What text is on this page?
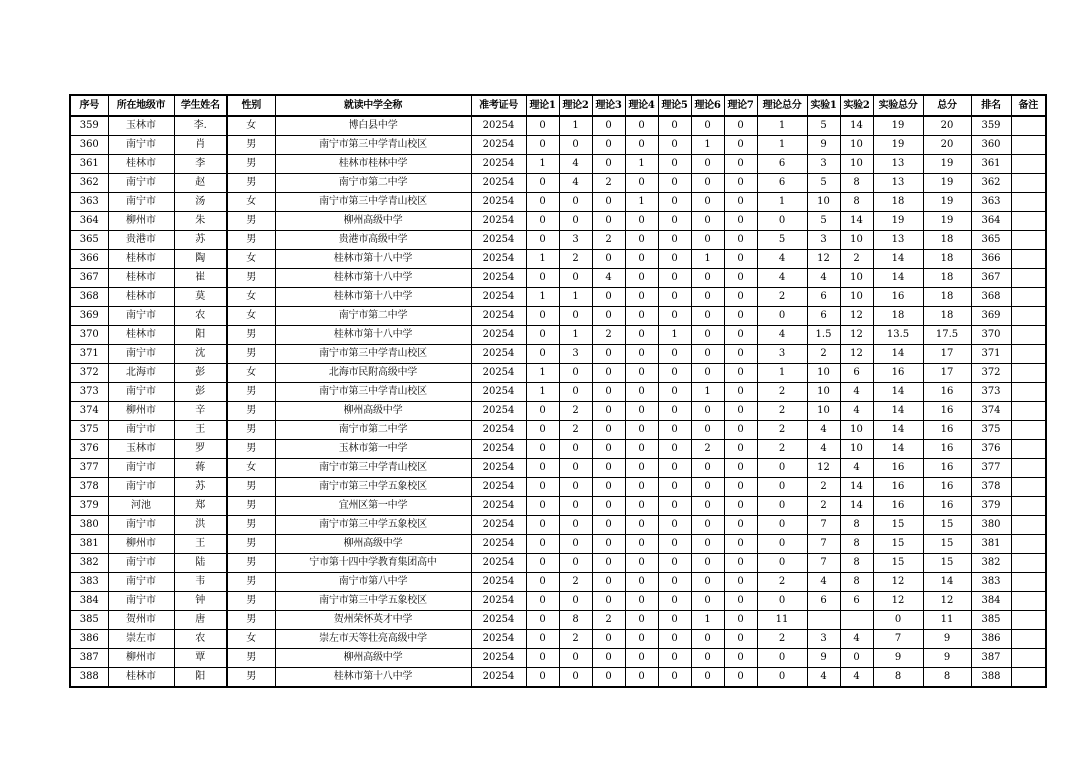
序号	所在地级市	学生姓名	性别	就读中学全称	准考证号	理论1	理论2	理论3	理论4	理论5	理论6	理论7	理论总分	实验1	实验2	实验总分	总分	排名	备注
359	玉林市	李.	女	博白县中学	20254	0	1	0	0	0	0	0	1	5	14	19	20	359	
360	南宁市	肖	男	南宁市第三中学青山校区	20254	0	0	0	0	0	1	0	1	9	10	19	20	360	
361	桂林市	李	男	桂林市桂林中学	20254	1	4	0	1	0	0	0	6	3	10	13	19	361	
362	南宁市	赵	男	南宁市第二中学	20254	0	4	2	0	0	0	0	6	5	8	13	19	362	
363	南宁市	汤	女	南宁市第三中学青山校区	20254	0	0	0	1	0	0	0	1	10	8	18	19	363	
364	柳州市	朱	男	柳州高级中学	20254	0	0	0	0	0	0	0	0	5	14	19	19	364	
365	贵港市	苏	男	贵港市高级中学	20254	0	3	2	0	0	0	0	5	3	10	13	18	365	
366	桂林市	陶	女	桂林市第十八中学	20254	1	2	0	0	0	1	0	4	12	2	14	18	366	
367	桂林市	崔	男	桂林市第十八中学	20254	0	0	4	0	0	0	0	4	4	10	14	18	367	
368	桂林市	莫	女	桂林市第十八中学	20254	1	1	0	0	0	0	0	2	6	10	16	18	368	
369	南宁市	农	女	南宁市第二中学	20254	0	0	0	0	0	0	0	0	6	12	18	18	369	
370	桂林市	阳	男	桂林市第十八中学	20254	0	1	2	0	1	0	0	4	1.5	12	13.5	17.5	370	
371	南宁市	沈	男	南宁市第三中学青山校区	20254	0	3	0	0	0	0	0	3	2	12	14	17	371	
372	北海市	彭	女	北海市民附高级中学	20254	1	0	0	0	0	0	0	1	10	6	16	17	372	
373	南宁市	彭	男	南宁市第三中学青山校区	20254	1	0	0	0	0	1	0	2	10	4	14	16	373	
374	柳州市	辛	男	柳州高级中学	20254	0	2	0	0	0	0	0	2	10	4	14	16	374	
375	南宁市	王	男	南宁市第二中学	20254	0	2	0	0	0	0	0	2	4	10	14	16	375	
376	玉林市	罗	男	玉林市第一中学	20254	0	0	0	0	0	2	0	2	4	10	14	16	376	
377	南宁市	蒋	女	南宁市第三中学青山校区	20254	0	0	0	0	0	0	0	0	12	4	16	16	377	
378	南宁市	苏	男	南宁市第三中学五象校区	20254	0	0	0	0	0	0	0	0	2	14	16	16	378	
379	河池	郑	男	宜州区第一中学	20254	0	0	0	0	0	0	0	0	2	14	16	16	379	
380	南宁市	洪	男	南宁市第三中学五象校区	20254	0	0	0	0	0	0	0	0	7	8	15	15	380	
381	柳州市	王	男	柳州高级中学	20254	0	0	0	0	0	0	0	0	7	8	15	15	381	
382	南宁市	陆	男	宁市第十四中学教育集团高中	20254	0	0	0	0	0	0	0	0	7	8	15	15	382	
383	南宁市	韦	男	南宁市第八中学	20254	0	2	0	0	0	0	0	2	4	8	12	14	383	
384	南宁市	钟	男	南宁市第三中学五象校区	20254	0	0	0	0	0	0	0	0	6	6	12	12	384	
385	贺州市	唐	男	贺州荣怀英才中学	20254	0	8	2	0	0	1	0	11			0	11	385	
386	崇左市	农	女	崇左市天等壮亮高级中学	20254	0	2	0	0	0	0	0	2	3	4	7	9	386	
387	柳州市	覃	男	柳州高级中学	20254	0	0	0	0	0	0	0	0	9	0	9	9	387	
388	桂林市	阳	男	桂林市第十八中学	20254	0	0	0	0	0	0	0	0	4	4	8	8	388	
